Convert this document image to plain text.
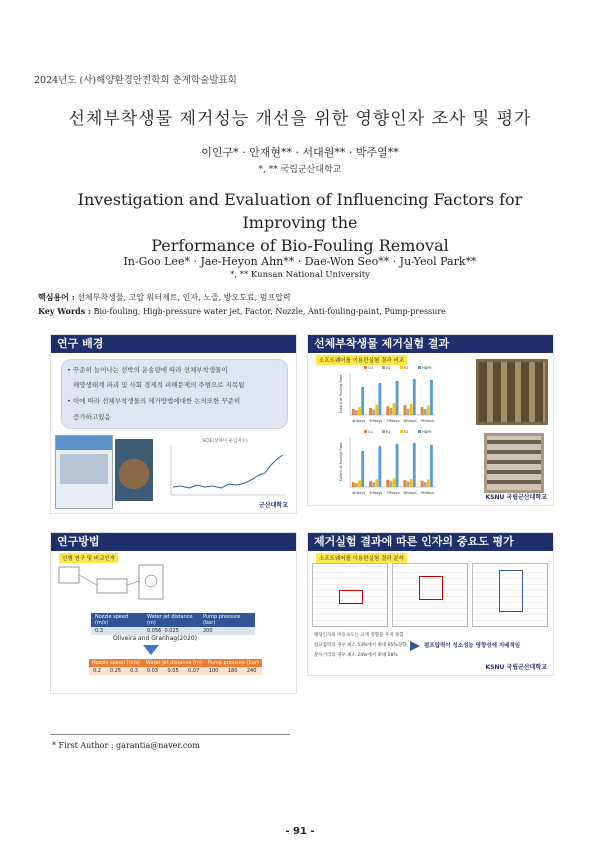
2024년도 (사)해양환경안전학회 춘계학술발표회
선체부착생물 제거성능 개선을 위한 영향인자 조사 및 평가
이인구* · 안재현** · 서대원** · 박주열**
*, ** 국립군산대학교
Investigation and Evaluation of Influencing Factors for Improving the
Performance of Bio-Fouling Removal
In-Goo Lee* · Jae-Heyon Ahn** · Dae-Won Seo** · Ju-Yeol Park**
*, ** Kunsan National University
핵심용어 : 선체부착생물, 고압 워터제트, 인자, 노즐, 방오도료, 펌프압력
Key Words : Bio-fouling, High-pressure water jet, Factor, Nozzle, Anti-fouling-paint, Pump-pressure
연구 배경
• 꾸준히 늘어나는 선박의 운송량에 따라 선체부착생물이
해양생태계 파괴 및 사회 경제적 피해문제의 주범으로 지목됨
• 이에 따라 선체부착생물의 제거방법에대한 논의또한 꾸준히
증가하고있음
SCIE(상하이 운임지수)
군산대학교
선체부착생물 제거실험 결과
소프트웨어를 이용한실험 결과 비교
Cu	K1	K2	HDPE
4Hdays 5Hdays 7Hdays 8Hdays 9Hdays
Extent of Fouling Rate
Cu	K1	K2	HDPE
4Hdays 5Hdays 7Hdays 8Hdays 9Hdays
Extent of Fouling Rate
KSNU 국립군산대학교
연구방법
선행 연구 및 비교인자
Nozzle speed (m/s)	Water jet distance (m)	Pump pressure (bar)
0.3	0.056 0.025	200
Oliveira and Granhag(2020)
Nozzle speed (m/s)			Water jet distance (m)			Pump pressure (bar)		
0.2	0.25	0.3	0.03	0.05	0.07	100	180	240
제거실험 결과에 따른 인자의 중요도 평가
소프트웨어를 이용한실험 결과 분석
해당인자의 미동속도는 크게 영향을 주지 못함
펌프압력의 경우 최소 53%에서 최대 95%경향
분사거리의 경우 최소 24%에서 최대 58%
펌프압력이 성소성능 영향성에 지배적임
KSNU 국립군산대학교
* First Author : garantia@naver.com
- 91 -
